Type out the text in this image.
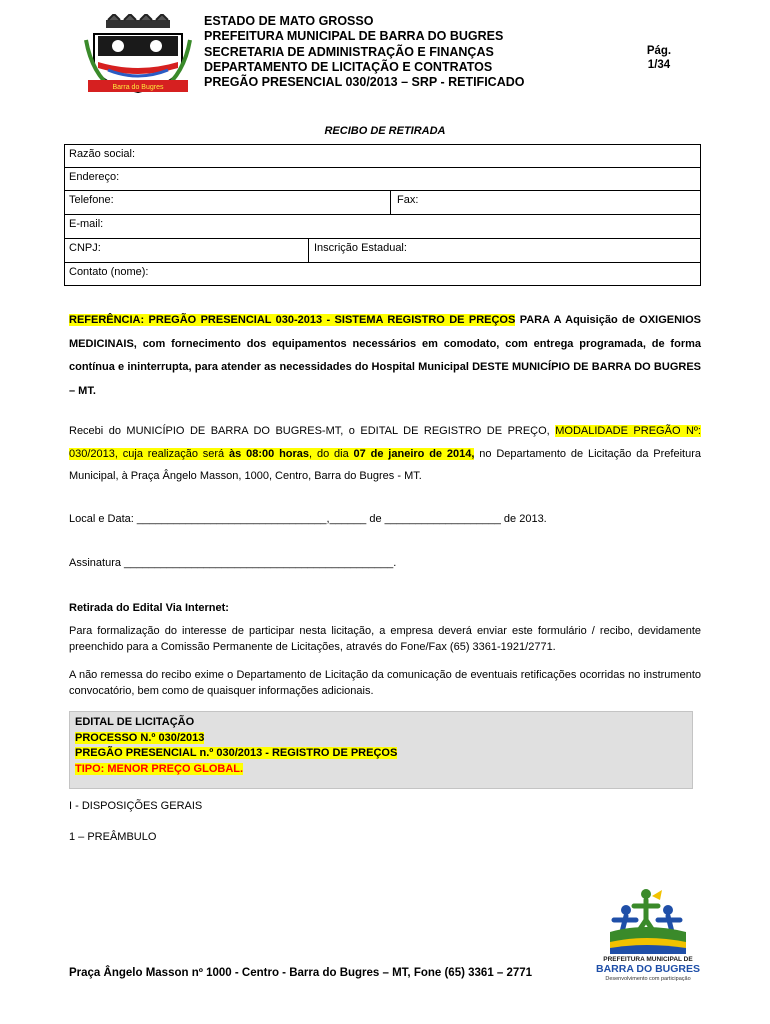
Barra do Bugres
ESTADO DE MATO GROSSO
PREFEITURA MUNICIPAL DE BARRA DO BUGRES
SECRETARIA DE ADMINISTRAÇÃO E FINANÇAS
DEPARTAMENTO DE LICITAÇÃO E CONTRATOS
PREGÃO PRESENCIAL 030/2013 – SRP - RETIFICADO
Pág.
1/34
RECIBO DE RETIRADA
Razão social:
Endereço:
Telefone:	Fax:
E-mail:
CNPJ:	Inscrição Estadual:
Contato (nome):
REFERÊNCIA: PREGÃO PRESENCIAL 030-2013 - SISTEMA REGISTRO DE PREÇOS PARA A Aquisição de OXIGENIOS MEDICINAIS, com fornecimento dos equipamentos necessários em comodato, com entrega programada, de forma contínua e ininterrupta, para atender as necessidades do Hospital Municipal DESTE MUNICÍPIO DE BARRA DO BUGRES – MT.
Recebi do MUNICÍPIO DE BARRA DO BUGRES-MT, o EDITAL DE REGISTRO DE PREÇO, MODALIDADE PREGÃO Nº: 030/2013, cuja realização será às 08:00 horas, do dia 07 de janeiro de 2014, no Departamento de Licitação da Prefeitura Municipal, à Praça Ângelo Masson, 1000, Centro, Barra do Bugres - MT.
Local e Data: _______________________________,______ de ___________________ de 2013.
Assinatura ____________________________________________.
Retirada do Edital Via Internet:
Para formalização do interesse de participar nesta licitação, a empresa deverá enviar este formulário / recibo, devidamente preenchido para a Comissão Permanente de Licitações, através do Fone/Fax (65) 3361-1921/2771.
A não remessa do recibo exime o Departamento de Licitação da comunicação de eventuais retificações ocorridas no instrumento convocatório, bem como de quaisquer informações adicionais.
EDITAL DE LICITAÇÃO
PROCESSO N.º 030/2013
PREGÃO PRESENCIAL n.º 030/2013 - REGISTRO DE PREÇOS
TIPO: MENOR PREÇO GLOBAL.
I - DISPOSIÇÕES GERAIS
1 – PREÂMBULO
Praça Ângelo Masson nº 1000 - Centro - Barra do Bugres – MT, Fone (65) 3361 – 2771
PREFEITURA MUNICIPAL DE
BARRA DO BUGRES
Desenvolvimento com participação
